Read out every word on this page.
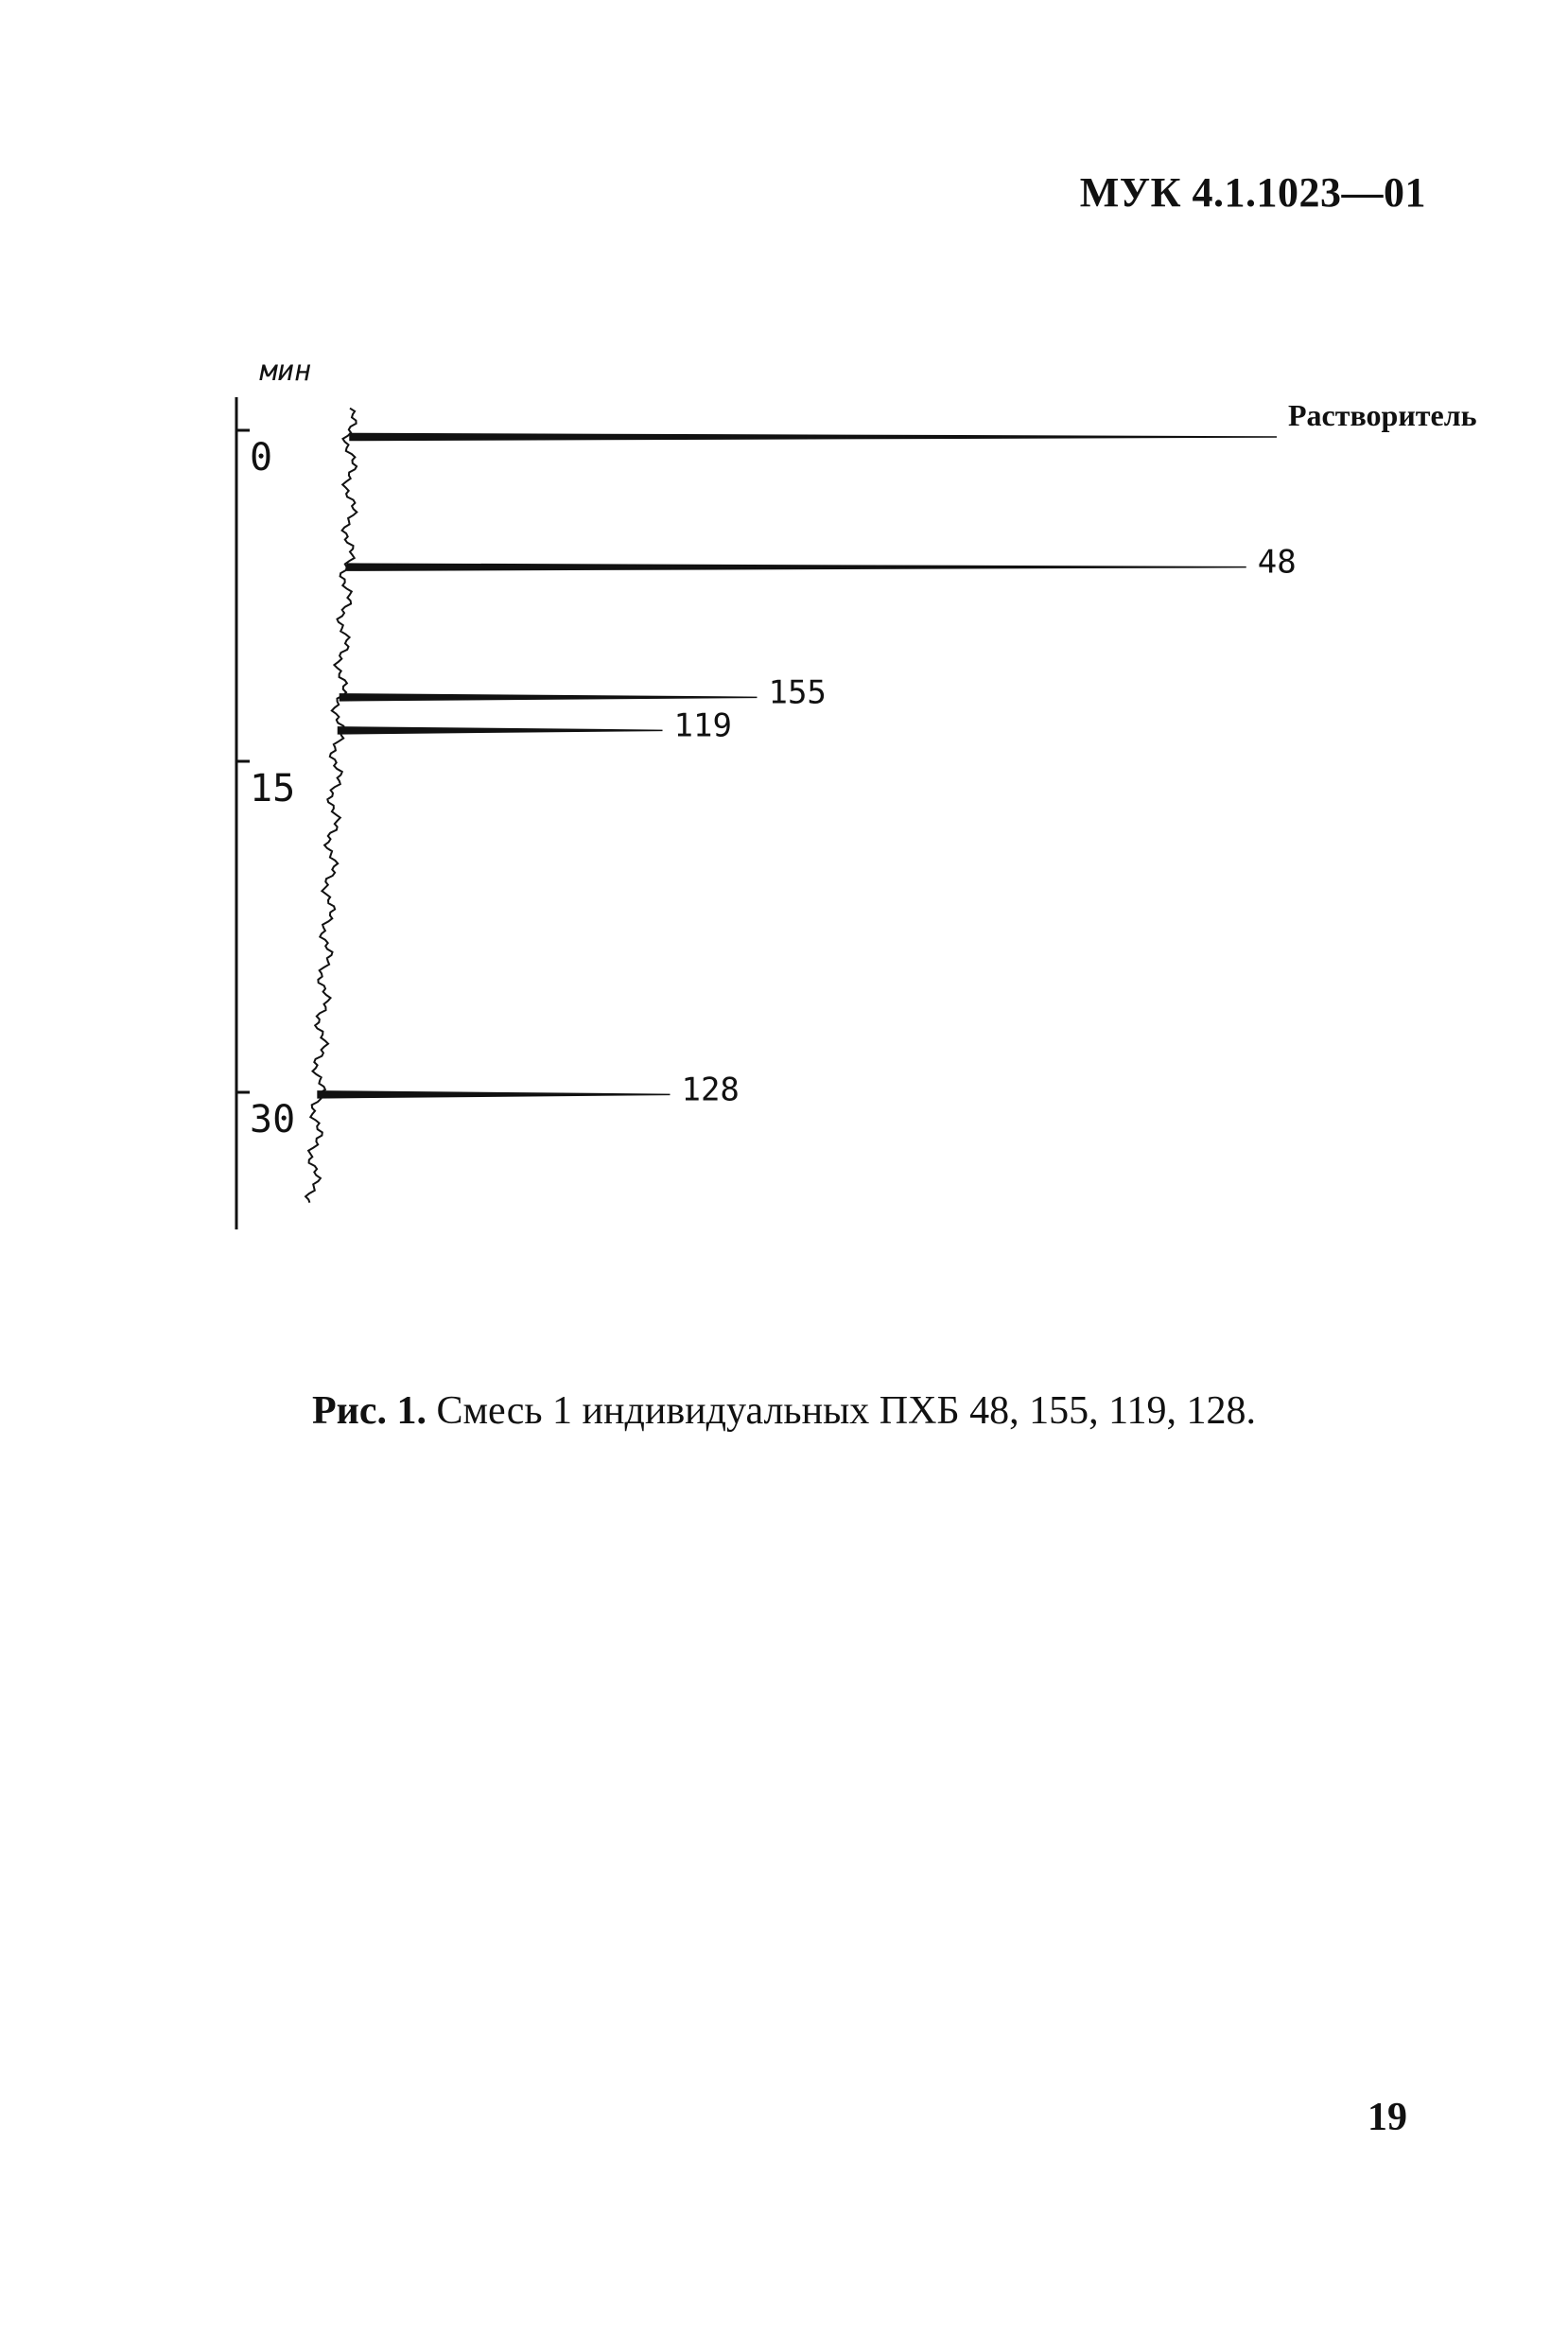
МУК 4.1.1023—01
мин
0
15
30
Растворитель
48
155
119
128
Рис. 1. Смесь 1 индивидуальных ПХБ 48, 155, 119, 128.
19
